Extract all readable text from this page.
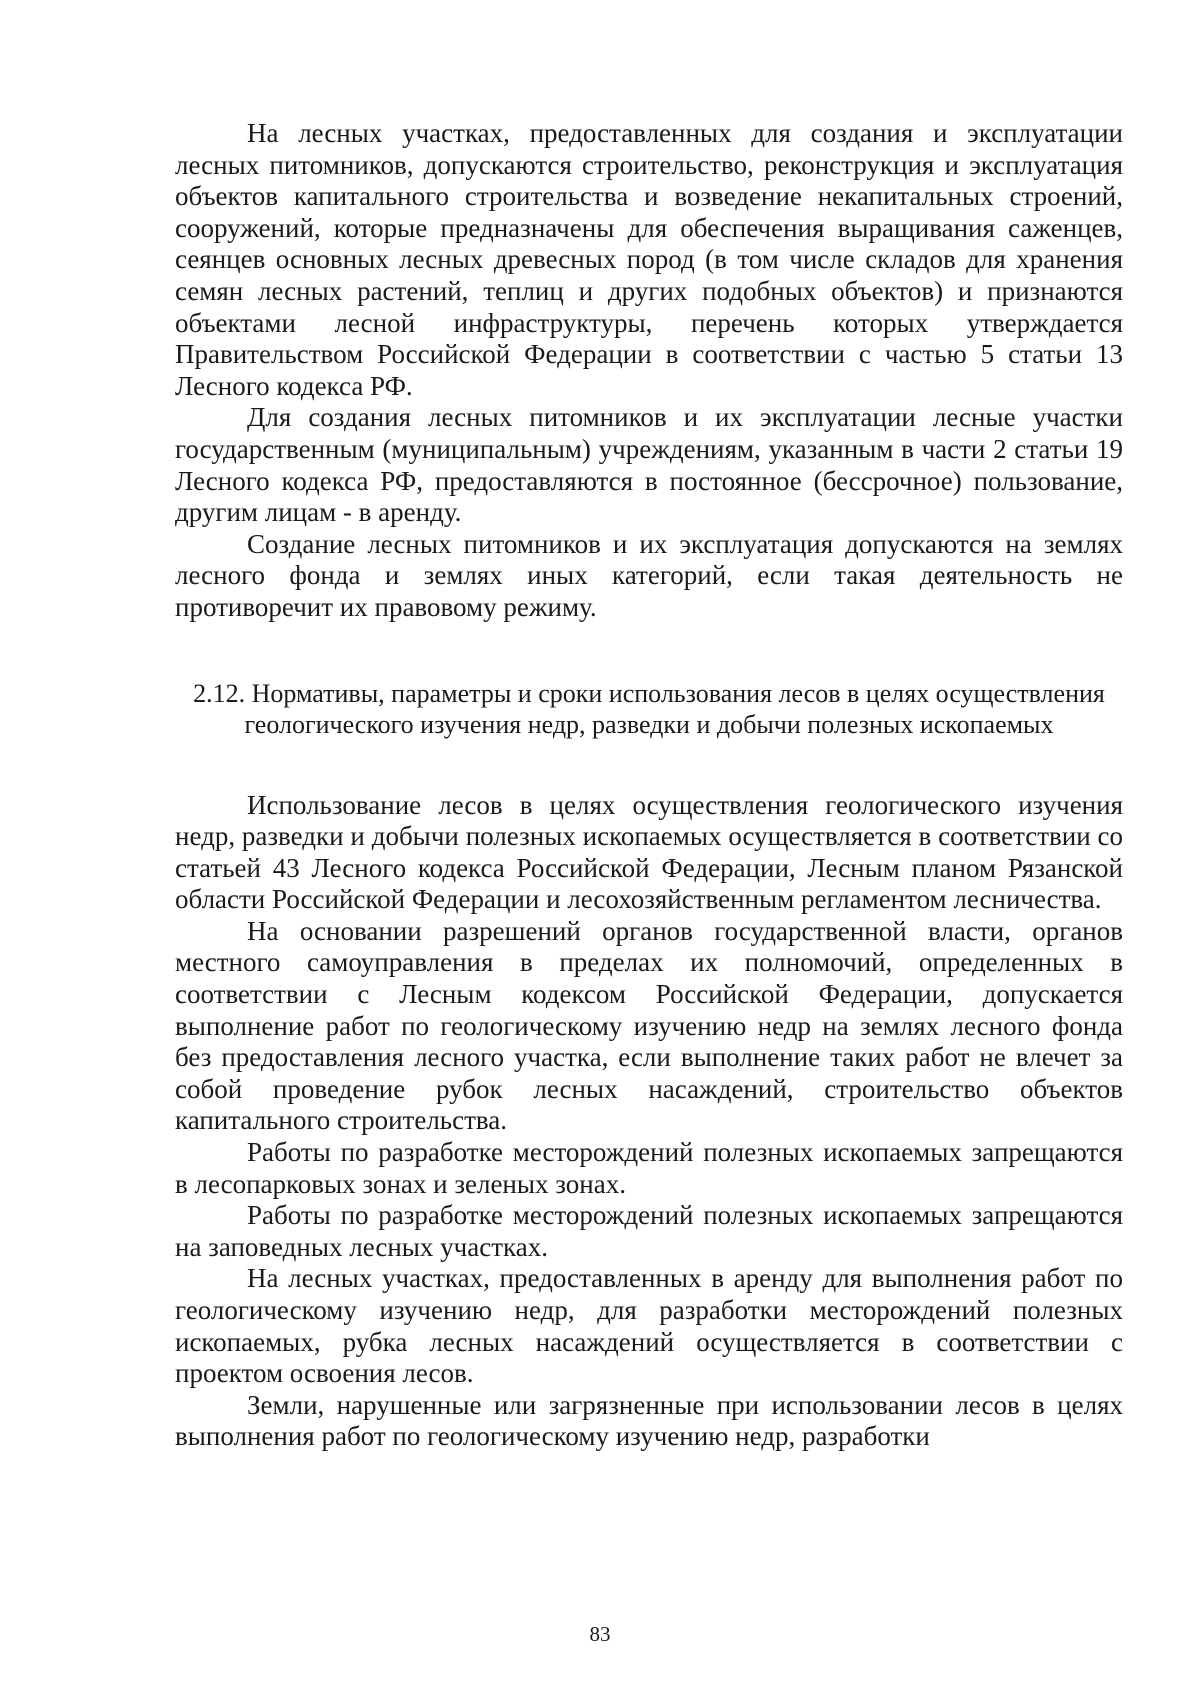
На лесных участках, предоставленных для создания и эксплуатации лесных питомников, допускаются строительство, реконструкция и эксплуатация объектов капитального строительства и возведение некапитальных строений, сооружений, которые предназначены для обеспечения выращивания саженцев, сеянцев основных лесных древесных пород (в том числе складов для хранения семян лесных растений, теплиц и других подобных объектов) и признаются объектами лесной инфраструктуры, перечень которых утверждается Правительством Российской Федерации в соответствии с частью 5 статьи 13 Лесного кодекса РФ.

Для создания лесных питомников и их эксплуатации лесные участки государственным (муниципальным) учреждениям, указанным в части 2 статьи 19 Лесного кодекса РФ, предоставляются в постоянное (бессрочное) пользование, другим лицам - в аренду.

Создание лесных питомников и их эксплуатация допускаются на землях лесного фонда и землях иных категорий, если такая деятельность не противоречит их правовому режиму.

2.12. Нормативы, параметры и сроки использования лесов в целях осуществления геологического изучения недр, разведки и добычи полезных ископаемых

Использование лесов в целях осуществления геологического изучения недр, разведки и добычи полезных ископаемых осуществляется в соответствии со статьей 43 Лесного кодекса Российской Федерации, Лесным планом Рязанской области Российской Федерации и лесохозяйственным регламентом лесничества.

На основании разрешений органов государственной власти, органов местного самоуправления в пределах их полномочий, определенных в соответствии с Лесным кодексом Российской Федерации, допускается выполнение работ по геологическому изучению недр на землях лесного фонда без предоставления лесного участка, если выполнение таких работ не влечет за собой проведение рубок лесных насаждений, строительство объектов капитального строительства.

Работы по разработке месторождений полезных ископаемых запрещаются в лесопарковых зонах и зеленых зонах.

Работы по разработке месторождений полезных ископаемых запрещаются на заповедных лесных участках.

На лесных участках, предоставленных в аренду для выполнения работ по геологическому изучению недр, для разработки месторождений полезных ископаемых, рубка лесных насаждений осуществляется в соответствии с проектом освоения лесов.

Земли, нарушенные или загрязненные при использовании лесов в целях выполнения работ по геологическому изучению недр, разработки

83
